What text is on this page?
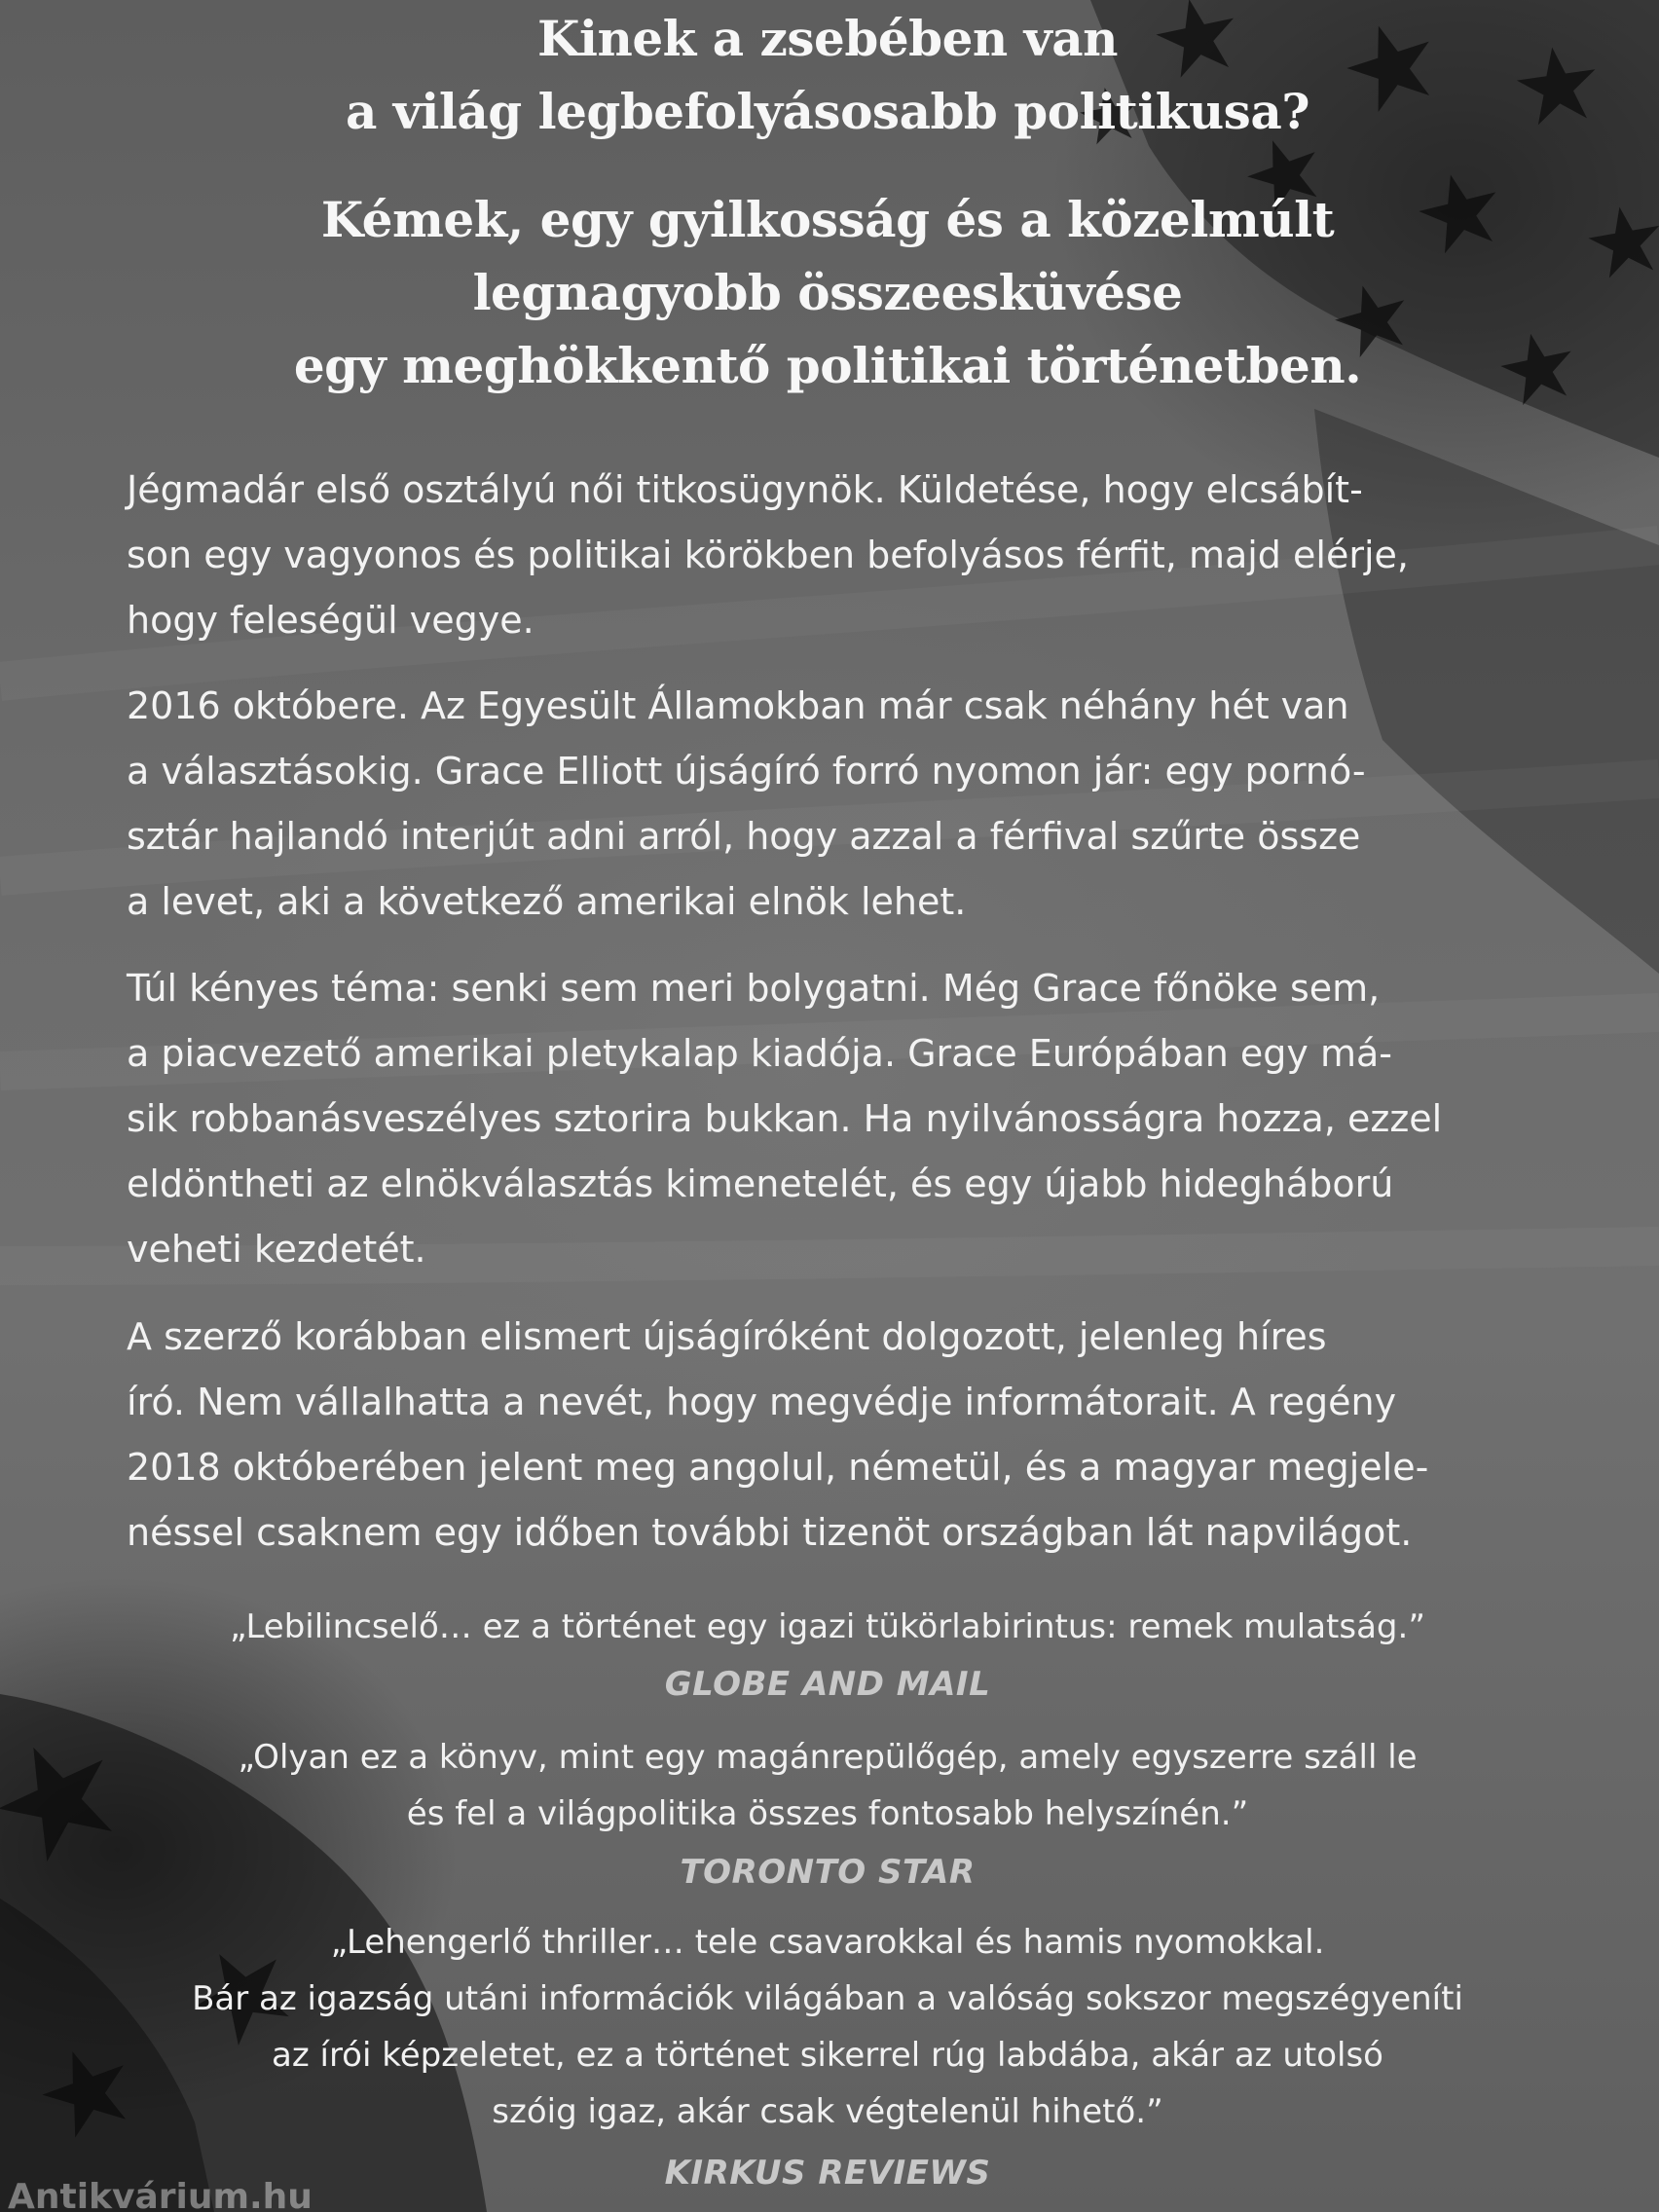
Kinek a zsebében van
a világ legbefolyásosabb politikusa?
Kémek, egy gyilkosság és a közelmúlt
legnagyobb összeesküvése
egy meghökkentő politikai történetben.

Jégmadár első osztályú női titkosügynök. Küldetése, hogy elcsábít-
son egy vagyonos és politikai körökben befolyásos férfit, majd elérje,
hogy feleségül vegye.

2016 októbere. Az Egyesült Államokban már csak néhány hét van
a választásokig. Grace Elliott újságíró forró nyomon jár: egy pornó-
sztár hajlandó interjút adni arról, hogy azzal a férfival szűrte össze
a levet, aki a következő amerikai elnök lehet.

Túl kényes téma: senki sem meri bolygatni. Még Grace főnöke sem,
a piacvezető amerikai pletykalap kiadója. Grace Európában egy má-
sik robbanásveszélyes sztorira bukkan. Ha nyilvánosságra hozza, ezzel
eldöntheti az elnökválasztás kimenetelét, és egy újabb hidegháború
veheti kezdetét.

A szerző korábban elismert újságíróként dolgozott, jelenleg híres
író. Nem vállalhatta a nevét, hogy megvédje informátorait. A regény
2018 októberében jelent meg angolul, németül, és a magyar megjele-
néssel csaknem egy időben további tizenöt országban lát napvilágot.

„Lebilincselő… ez a történet egy igazi tükörlabirintus: remek mulatság.”

GLOBE AND MAIL

„Olyan ez a könyv, mint egy magánrepülőgép, amely egyszerre száll le
és fel a világpolitika összes fontosabb helyszínén.”

TORONTO STAR

„Lehengerlő thriller… tele csavarokkal és hamis nyomokkal.
Bár az igazság utáni információk világában a valóság sokszor megszégyeníti
az írói képzeletet, ez a történet sikerrel rúg labdába, akár az utolsó
szóig igaz, akár csak végtelenül hihető.”

KIRKUS REVIEWS
Antikvárium.hu
